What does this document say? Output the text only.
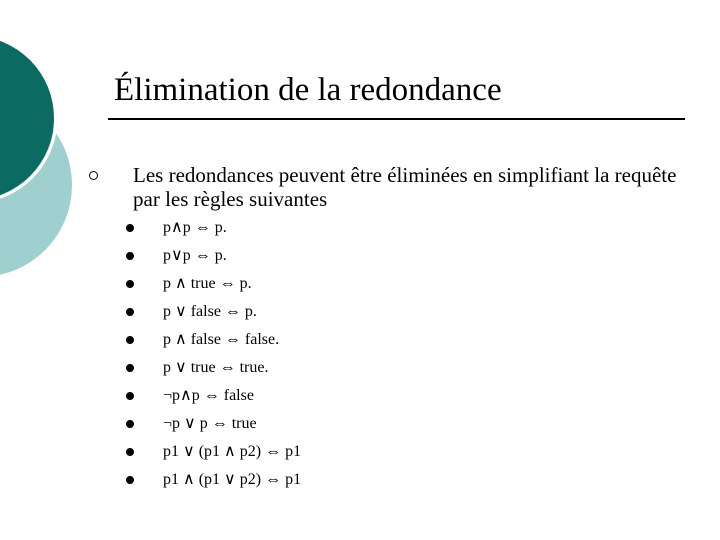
Élimination de la redondance
Les redondances peuvent être éliminées en simplifiant la requête par les règles suivantes
p∧p ⇔ p.
p∨p ⇔ p.
p ∧ true ⇔ p.
p ∨ false ⇔ p.
p ∧ false ⇔ false.
p ∨ true ⇔ true.
¬p∧p ⇔ false
¬p ∨ p ⇔ true
p1 ∨ (p1 ∧ p2) ⇔ p1
p1 ∧ (p1 ∨ p2) ⇔ p1
